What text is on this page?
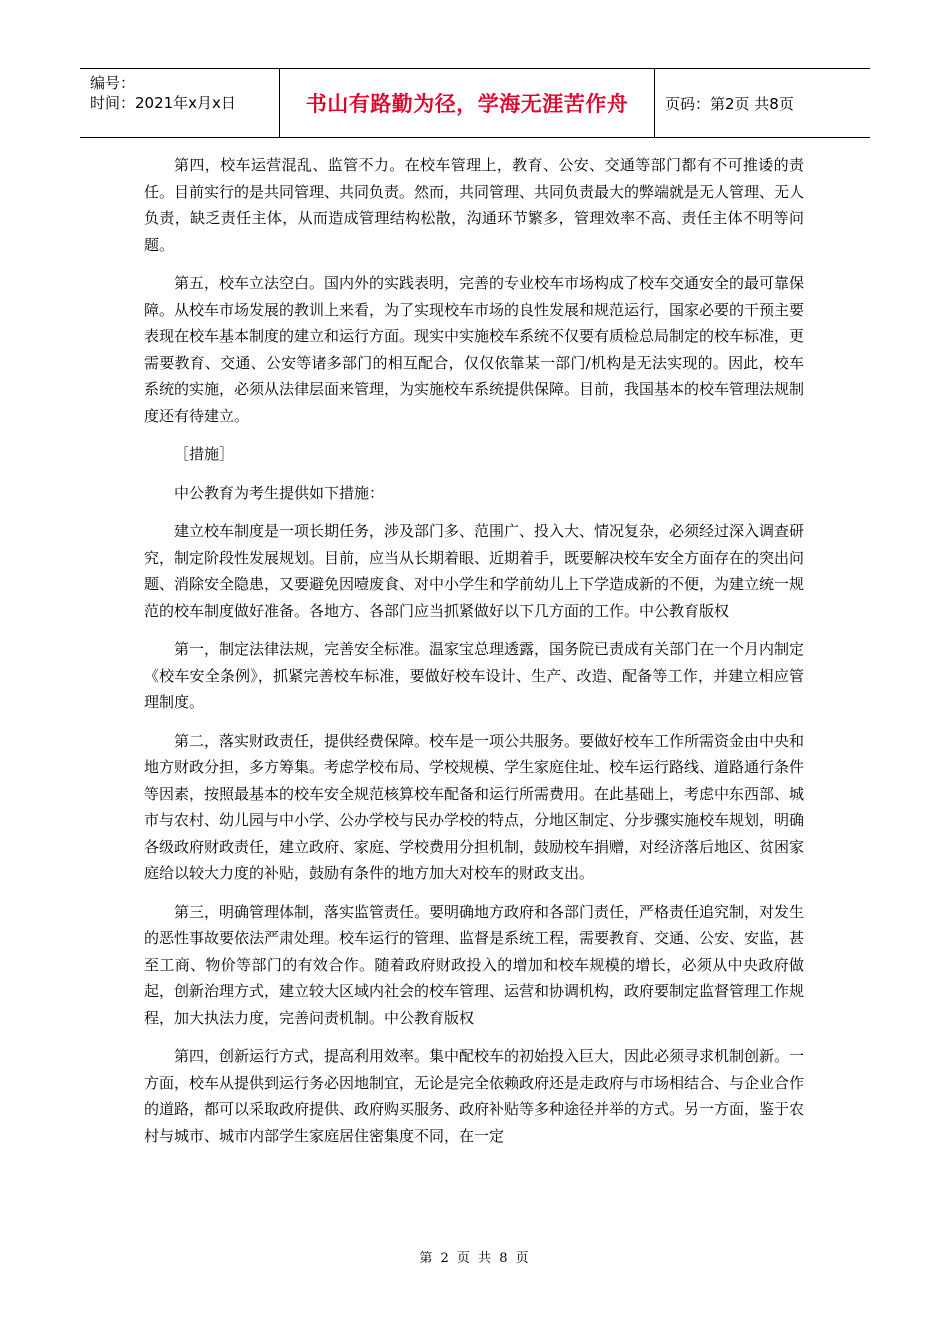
编号：
时间：2021年x月x日	书山有路勤为径，学海无涯苦作舟 页码：第2页 共8页

第四，校车运营混乱、监管不力。在校车管理上，教育、公安、交通等部门都有不可推诿的责任。目前实行的是共同管理、共同负责。然而，共同管理、共同负责最大的弊端就是无人管理、无人负责，缺乏责任主体，从而造成管理结构松散，沟通环节繁多，管理效率不高、责任主体不明等问题。

第五，校车立法空白。国内外的实践表明，完善的专业校车市场构成了校车交通安全的最可靠保障。从校车市场发展的教训上来看，为了实现校车市场的良性发展和规范运行，国家必要的干预主要表现在校车基本制度的建立和运行方面。现实中实施校车系统不仅要有质检总局制定的校车标准，更需要教育、交通、公安等诸多部门的相互配合，仅仅依靠某一部门/机构是无法实现的。因此，校车系统的实施，必须从法律层面来管理，为实施校车系统提供保障。目前，我国基本的校车管理法规制度还有待建立。

［措施］

中公教育为考生提供如下措施：

建立校车制度是一项长期任务，涉及部门多、范围广、投入大、情况复杂，必须经过深入调查研究，制定阶段性发展规划。目前，应当从长期着眼、近期着手，既要解决校车安全方面存在的突出问题、消除安全隐患，又要避免因噎废食、对中小学生和学前幼儿上下学造成新的不便，为建立统一规范的校车制度做好准备。各地方、各部门应当抓紧做好以下几方面的工作。中公教育版权

第一，制定法律法规，完善安全标准。温家宝总理透露，国务院已责成有关部门在一个月内制定《校车安全条例》，抓紧完善校车标准，要做好校车设计、生产、改造、配备等工作，并建立相应管理制度。

第二，落实财政责任，提供经费保障。校车是一项公共服务。要做好校车工作所需资金由中央和地方财政分担，多方筹集。考虑学校布局、学校规模、学生家庭住址、校车运行路线、道路通行条件等因素，按照最基本的校车安全规范核算校车配备和运行所需费用。在此基础上，考虑中东西部、城市与农村、幼儿园与中小学、公办学校与民办学校的特点，分地区制定、分步骤实施校车规划，明确各级政府财政责任，建立政府、家庭、学校费用分担机制，鼓励校车捐赠，对经济落后地区、贫困家庭给以较大力度的补贴，鼓励有条件的地方加大对校车的财政支出。

第三，明确管理体制，落实监管责任。要明确地方政府和各部门责任，严格责任追究制，对发生的恶性事故要依法严肃处理。校车运行的管理、监督是系统工程，需要教育、交通、公安、安监，甚至工商、物价等部门的有效合作。随着政府财政投入的增加和校车规模的增长，必须从中央政府做起，创新治理方式，建立较大区域内社会的校车管理、运营和协调机构，政府要制定监督管理工作规程，加大执法力度，完善问责机制。中公教育版权

第四，创新运行方式，提高利用效率。集中配校车的初始投入巨大，因此必须寻求机制创新。一方面，校车从提供到运行务必因地制宜，无论是完全依赖政府还是走政府与市场相结合、与企业合作的道路，都可以采取政府提供、政府购买服务、政府补贴等多种途径并举的方式。另一方面，鉴于农村与城市、城市内部学生家庭居住密集度不同，在一定

第 2 页 共 8 页
